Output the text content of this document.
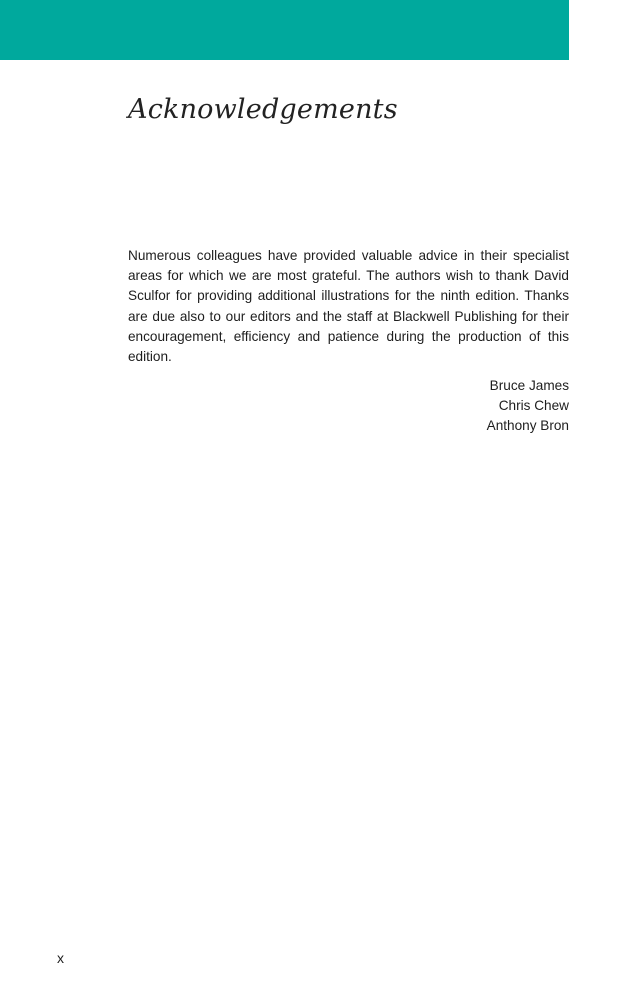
Acknowledgements

Numerous colleagues have provided valuable advice in their specialist areas for which we are most grateful. The authors wish to thank David Sculfor for providing additional illustrations for the ninth edition. Thanks are due also to our editors and the staff at Blackwell Publishing for their encouragement, efficiency and patience during the production of this edition.

Bruce James
Chris Chew
Anthony Bron
x
